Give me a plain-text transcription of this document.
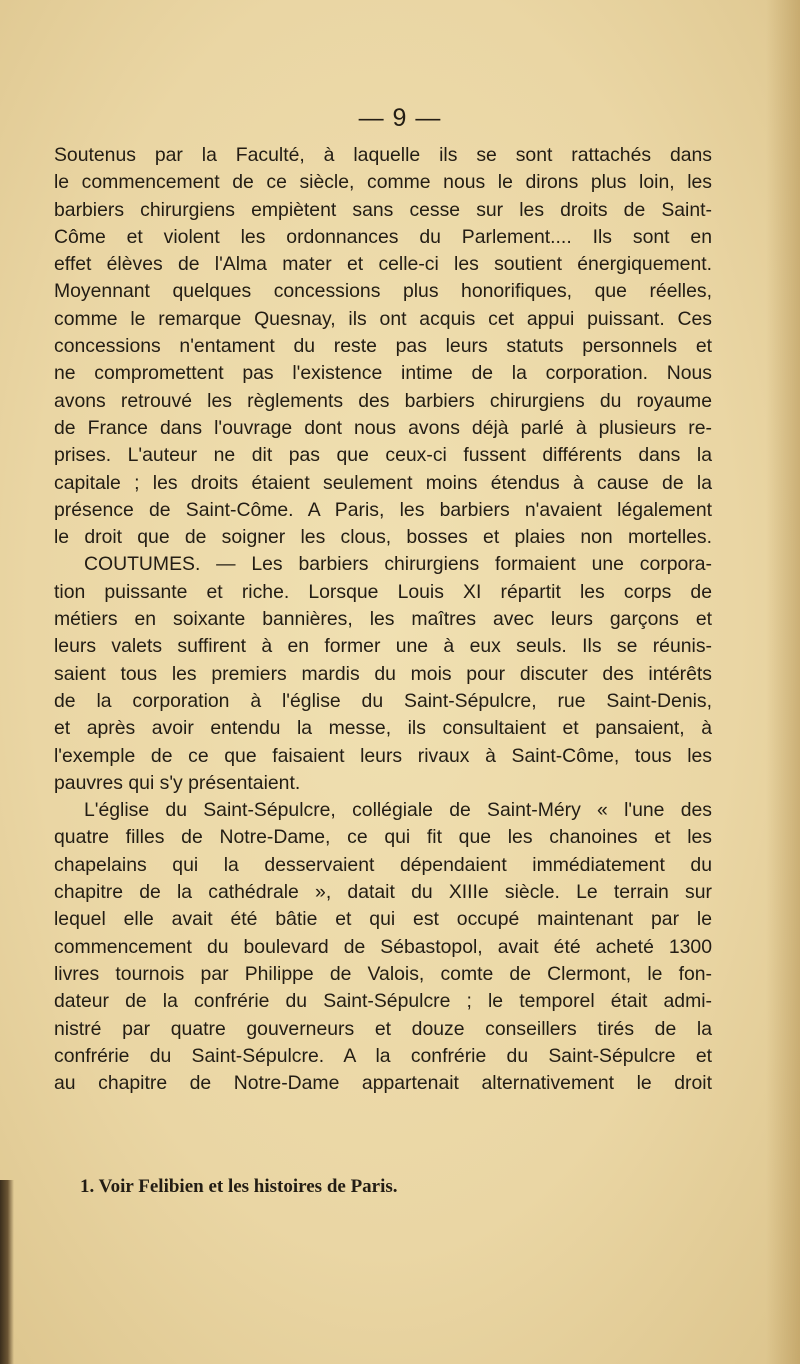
— 9 —
Soutenus par la Faculté, à laquelle ils se sont rattachés dans
le commencement de ce siècle, comme nous le dirons plus loin, les
barbiers chirurgiens empiètent sans cesse sur les droits de Saint-
Côme et violent les ordonnances du Parlement.... Ils sont en
effet élèves de l'Alma mater et celle-ci les soutient énergiquement.
Moyennant quelques concessions plus honorifiques, que réelles,
comme le remarque Quesnay, ils ont acquis cet appui puissant. Ces
concessions n'entament du reste pas leurs statuts personnels et
ne compromettent pas l'existence intime de la corporation. Nous
avons retrouvé les règlements des barbiers chirurgiens du royaume
de France dans l'ouvrage dont nous avons déjà parlé à plusieurs re-
prises. L'auteur ne dit pas que ceux-ci fussent différents dans la
capitale ; les droits étaient seulement moins étendus à cause de la
présence de Saint-Côme. A Paris, les barbiers n'avaient légalement
le droit que de soigner les clous, bosses et plaies non mortelles.
COUTUMES. — Les barbiers chirurgiens formaient une corpora-
tion puissante et riche. Lorsque Louis XI répartit les corps de
métiers en soixante bannières, les maîtres avec leurs garçons et
leurs valets suffirent à en former une à eux seuls. Ils se réunis-
saient tous les premiers mardis du mois pour discuter des intérêts
de la corporation à l'église du Saint-Sépulcre, rue Saint-Denis,
et après avoir entendu la messe, ils consultaient et pansaient, à
l'exemple de ce que faisaient leurs rivaux à Saint-Côme, tous les
pauvres qui s'y présentaient.
L'église du Saint-Sépulcre, collégiale de Saint-Méry « l'une des
quatre filles de Notre-Dame, ce qui fit que les chanoines et les
chapelains qui la desservaient dépendaient immédiatement du
chapitre de la cathédrale », datait du XIIIe siècle. Le terrain sur
lequel elle avait été bâtie et qui est occupé maintenant par le
commencement du boulevard de Sébastopol, avait été acheté 1300
livres tournois par Philippe de Valois, comte de Clermont, le fon-
dateur de la confrérie du Saint-Sépulcre ; le temporel était admi-
nistré par quatre gouverneurs et douze conseillers tirés de la
confrérie du Saint-Sépulcre. A la confrérie du Saint-Sépulcre et
au chapitre de Notre-Dame appartenait alternativement le droit
1. Voir Felibien et les histoires de Paris.
